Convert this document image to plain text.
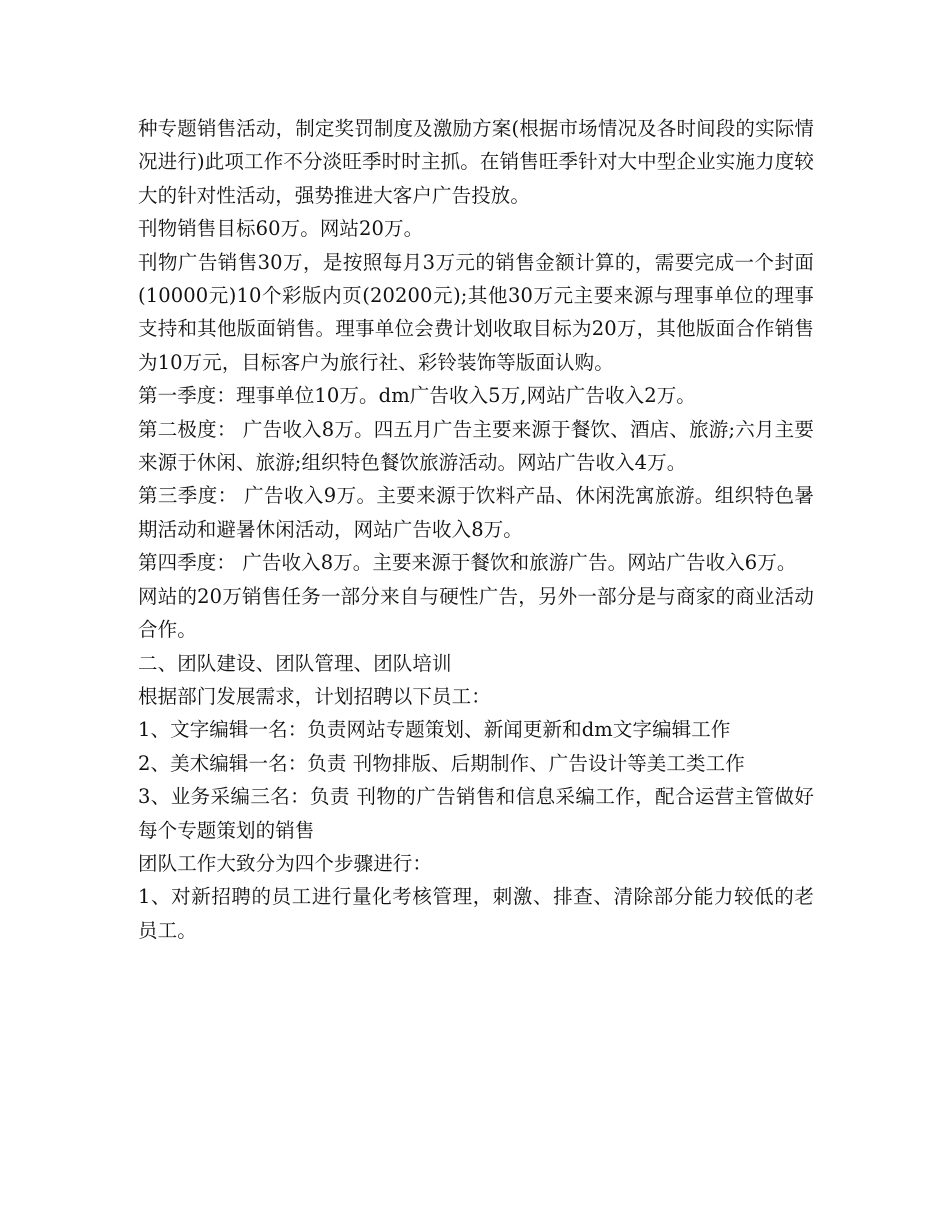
种专题销售活动，制定奖罚制度及激励方案(根据市场情况及各时间段的实际情况进行)此项工作不分淡旺季时时主抓。在销售旺季针对大中型企业实施力度较大的针对性活动，强势推进大客户广告投放。

刊物销售目标60万。网站20万。

刊物广告销售30万，是按照每月3万元的销售金额计算的，需要完成一个封面(10000元)10个彩版内页(20200元);其他30万元主要来源与理事单位的理事支持和其他版面销售。理事单位会费计划收取目标为20万，其他版面合作销售为10万元，目标客户为旅行社、彩铃装饰等版面认购。

第一季度：理事单位10万。dm广告收入5万,网站广告收入2万。

第二极度： 广告收入8万。四五月广告主要来源于餐饮、酒店、旅游;六月主要来源于休闲、旅游;组织特色餐饮旅游活动。网站广告收入4万。

第三季度： 广告收入9万。主要来源于饮料产品、休闲洗寓旅游。组织特色暑期活动和避暑休闲活动，网站广告收入8万。

第四季度： 广告收入8万。主要来源于餐饮和旅游广告。网站广告收入6万。

网站的20万销售任务一部分来自与硬性广告，另外一部分是与商家的商业活动合作。

二、团队建设、团队管理、团队培训

根据部门发展需求，计划招聘以下员工：

1、文字编辑一名：负责网站专题策划、新闻更新和dm文字编辑工作

2、美术编辑一名：负责 刊物排版、后期制作、广告设计等美工类工作

3、业务采编三名：负责 刊物的广告销售和信息采编工作，配合运营主管做好每个专题策划的销售

团队工作大致分为四个步骤进行：

1、对新招聘的员工进行量化考核管理，刺激、排查、清除部分能力较低的老员工。
